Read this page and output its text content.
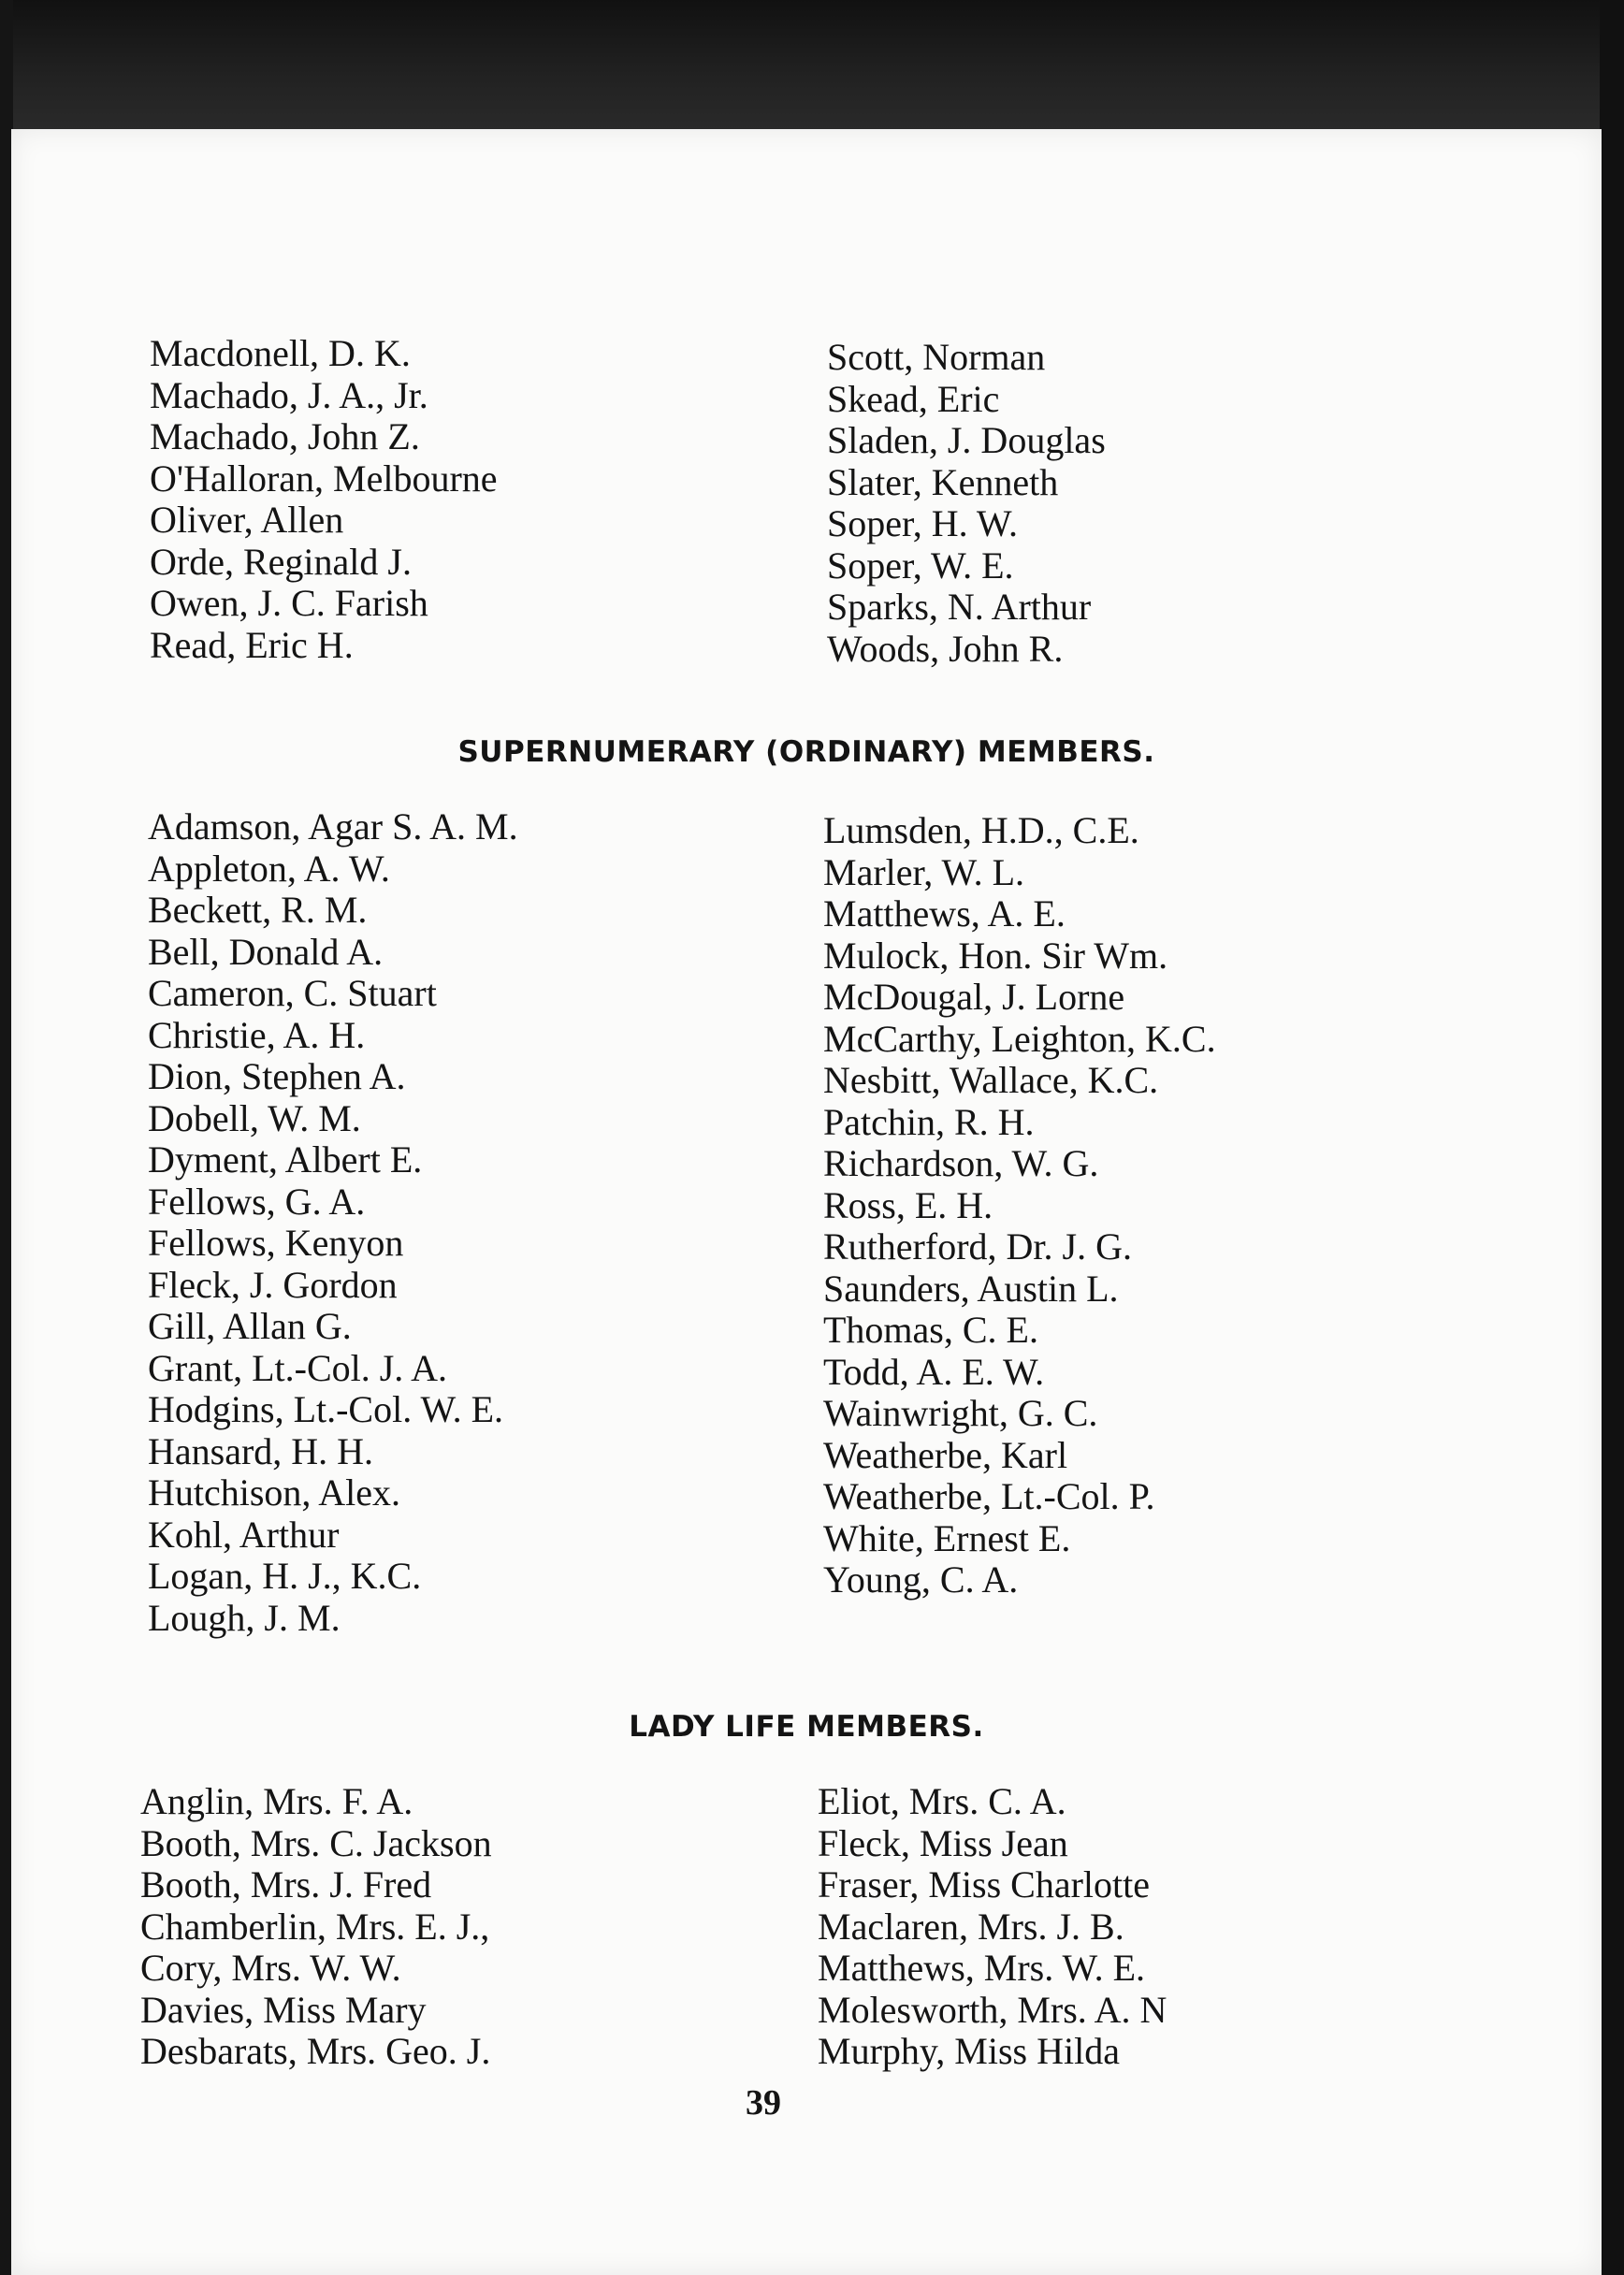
Macdonell, D. K.
Machado, J. A., Jr.
Machado, John Z.
O'Halloran, Melbourne
Oliver, Allen
Orde, Reginald J.
Owen, J. C. Farish
Read, Eric H.
Scott, Norman
Skead, Eric
Sladen, J. Douglas
Slater, Kenneth
Soper, H. W.
Soper, W. E.
Sparks, N. Arthur
Woods, John R.
SUPERNUMERARY (ORDINARY) MEMBERS.
Adamson, Agar S. A. M.
Appleton, A. W.
Beckett, R. M.
Bell, Donald A.
Cameron, C. Stuart
Christie, A. H.
Dion, Stephen A.
Dobell, W. M.
Dyment, Albert E.
Fellows, G. A.
Fellows, Kenyon
Fleck, J. Gordon
Gill, Allan G.
Grant, Lt.-Col. J. A.
Hodgins, Lt.-Col. W. E.
Hansard, H. H.
Hutchison, Alex.
Kohl, Arthur
Logan, H. J., K.C.
Lough, J. M.
Lumsden, H.D., C.E.
Marler, W. L.
Matthews, A. E.
Mulock, Hon. Sir Wm.
McDougal, J. Lorne
McCarthy, Leighton, K.C.
Nesbitt, Wallace, K.C.
Patchin, R. H.
Richardson, W. G.
Ross, E. H.
Rutherford, Dr. J. G.
Saunders, Austin L.
Thomas, C. E.
Todd, A. E. W.
Wainwright, G. C.
Weatherbe, Karl
Weatherbe, Lt.-Col. P.
White, Ernest E.
Young, C. A.
LADY LIFE MEMBERS.
Anglin, Mrs. F. A.
Booth, Mrs. C. Jackson
Booth, Mrs. J. Fred
Chamberlin, Mrs. E. J.,
Cory, Mrs. W. W.
Davies, Miss Mary
Desbarats, Mrs. Geo. J.
Eliot, Mrs. C. A.
Fleck, Miss Jean
Fraser, Miss Charlotte
Maclaren, Mrs. J. B.
Matthews, Mrs. W. E.
Molesworth, Mrs. A. N
Murphy, Miss Hilda
39
